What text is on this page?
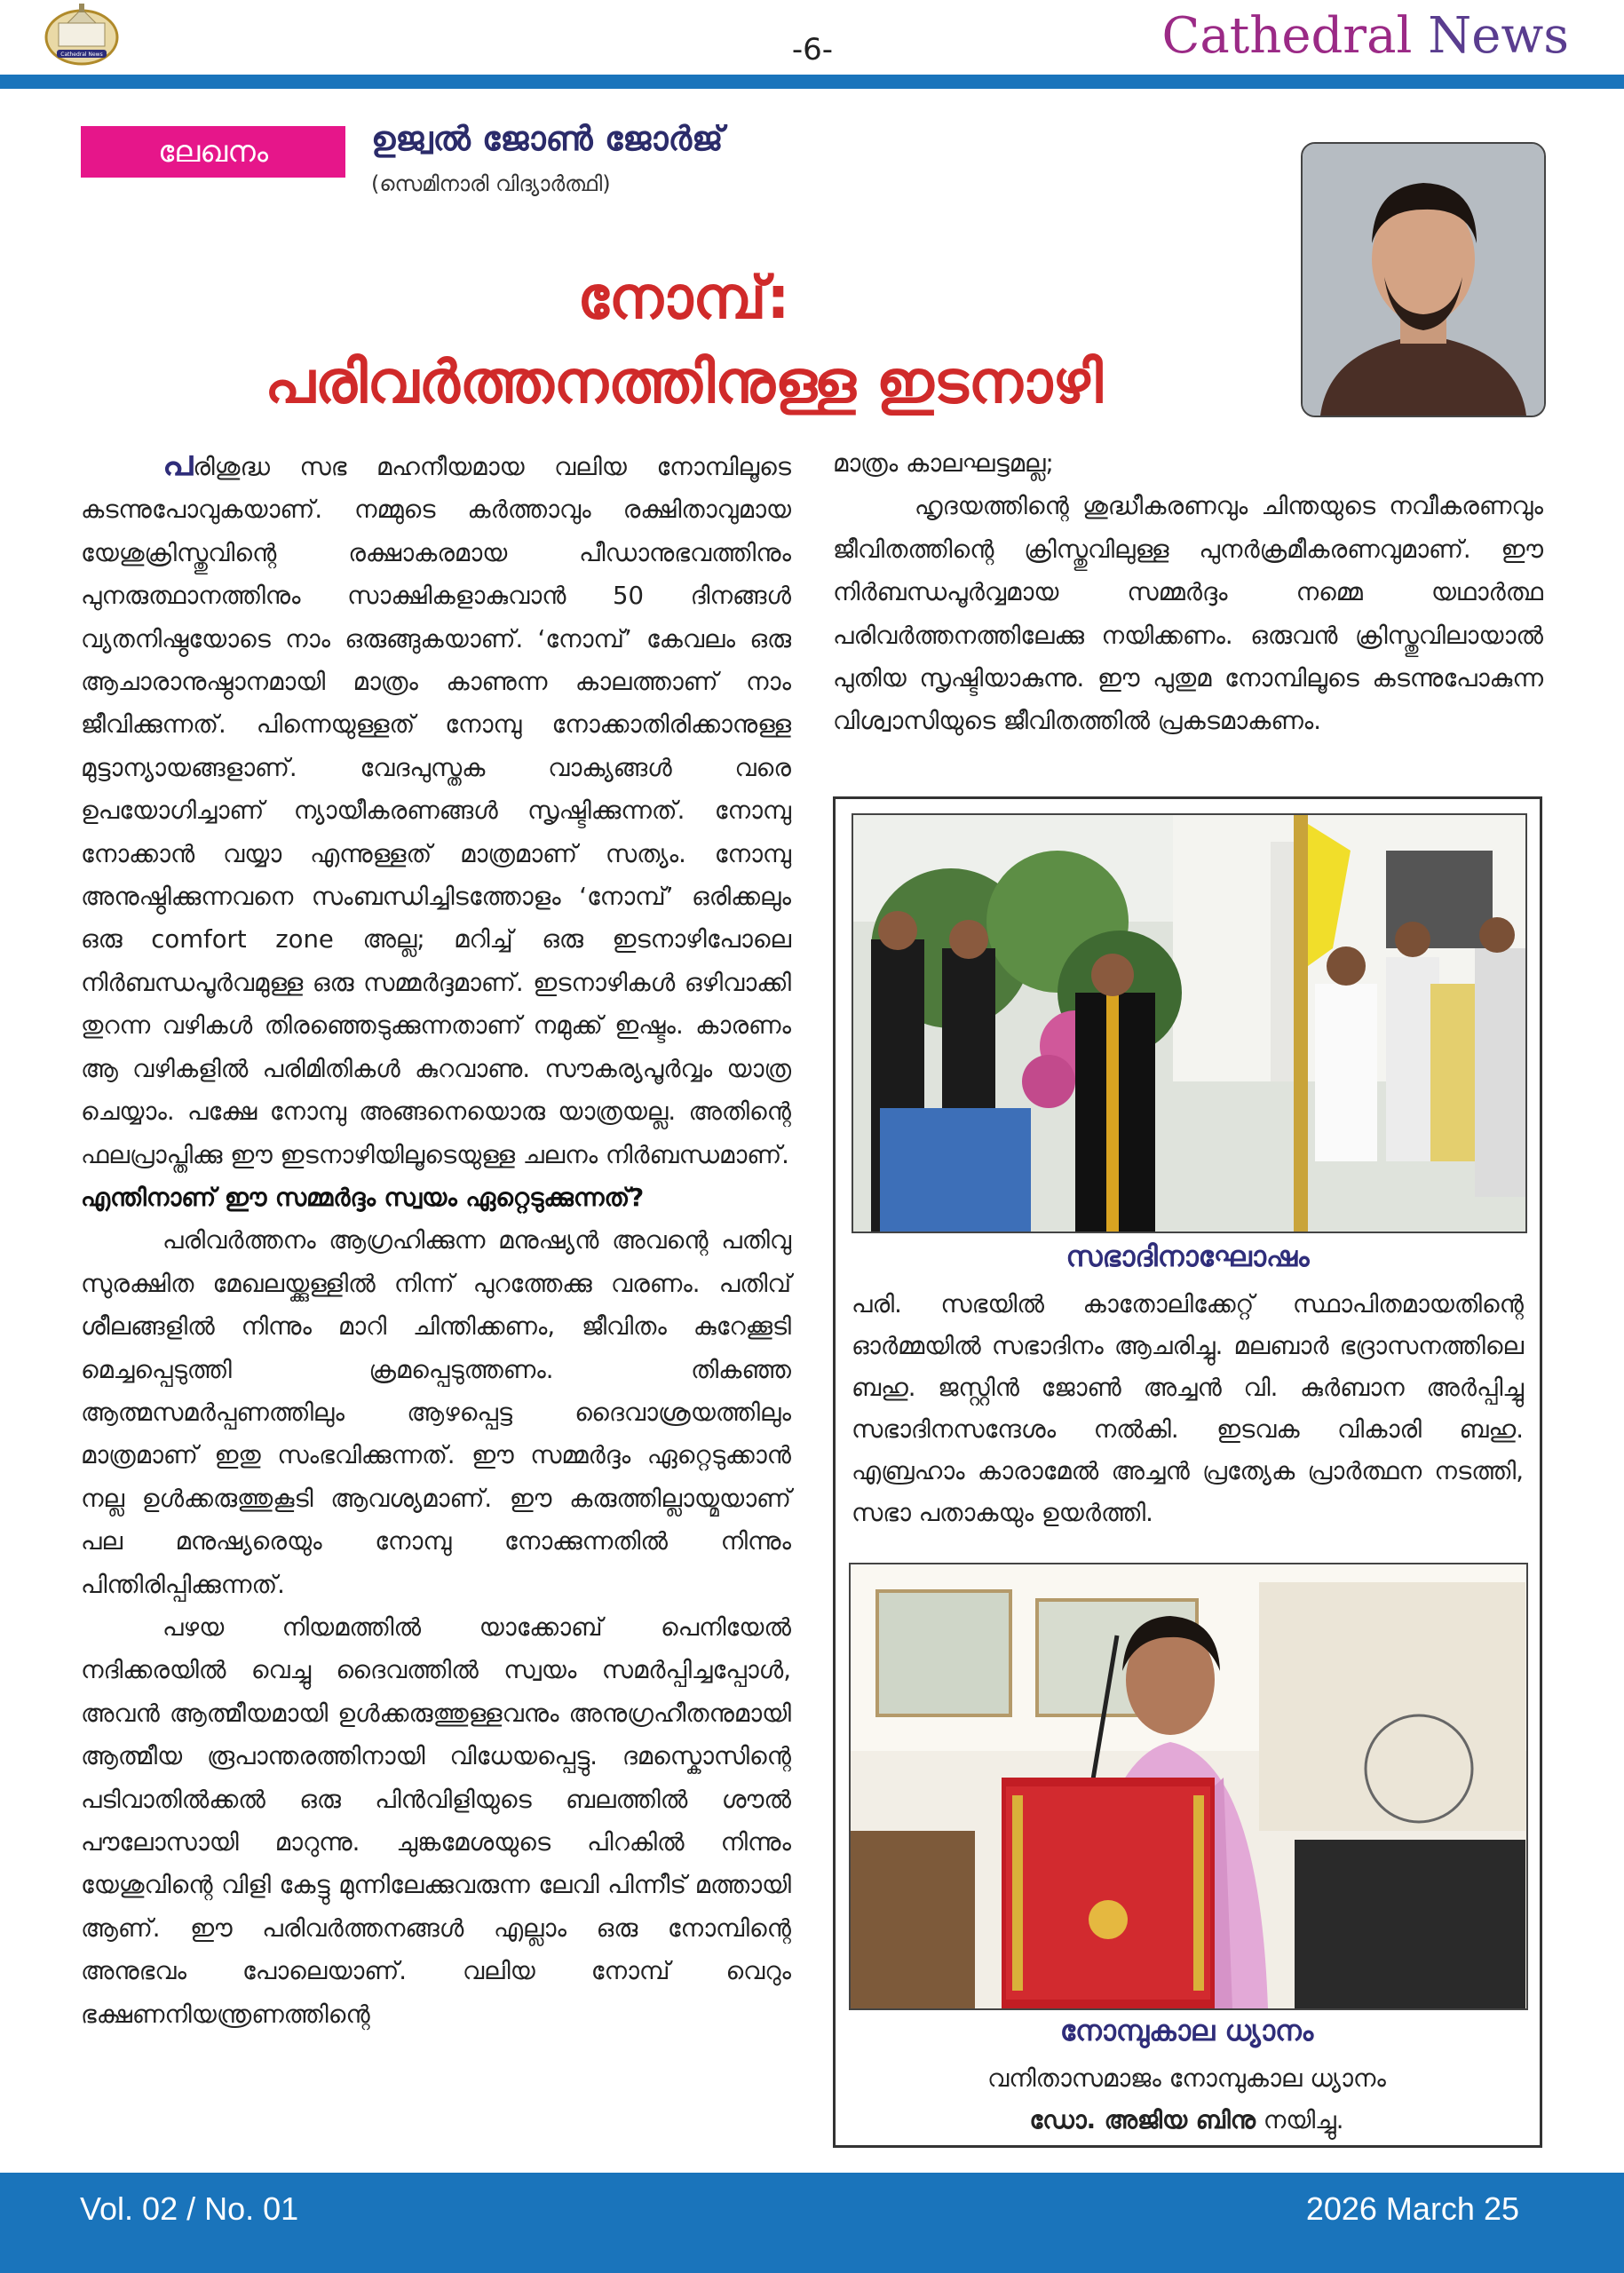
Cathedral News	-6-	Cathedral News
ലേഖനം	ഉജ്വൽ ജോൺ ജോർജ്
(സെമിനാരി വിദ്യാർത്ഥി)
നോമ്പ്:
പരിവർത്തനത്തിനുള്ള ഇടനാഴി

പരിശുദ്ധ സഭ മഹനീയമായ വലിയ നോമ്പിലൂടെ കടന്നുപോവുകയാണ്. നമ്മുടെ കർത്താവും രക്ഷിതാവുമായ യേശുക്രിസ്തുവിന്റെ രക്ഷാകരമായ പീഡാനുഭവത്തിനും പുനരുത്ഥാനത്തിനും സാക്ഷികളാകുവാൻ 50 ദിനങ്ങൾ വ്യതനിഷ്ഠയോടെ നാം ഒരുങ്ങുകയാണ്. ‘നോമ്പ്’ കേവലം ഒരു ആചാരാനുഷ്ഠാനമായി മാത്രം കാണുന്ന കാലത്താണ് നാം ജീവിക്കുന്നത്. പിന്നെയുള്ളത് നോമ്പു നോക്കാതിരിക്കാനുള്ള മുട്ടാന്യായങ്ങളാണ്. വേദപുസ്തക വാക്യങ്ങൾ വരെ ഉപയോഗിച്ചാണ് ന്യായീകരണങ്ങൾ സൃഷ്ടിക്കുന്നത്. നോമ്പു നോക്കാൻ വയ്യാ എന്നുള്ളത് മാത്രമാണ് സത്യം. നോമ്പു അനുഷ്ഠിക്കുന്നവനെ സംബന്ധിച്ചിടത്തോളം ‘നോമ്പ്’ ഒരിക്കലും ഒരു comfort zone അല്ല; മറിച്ച് ഒരു ഇടനാഴിപോലെ നിർബന്ധപൂർവമുള്ള ഒരു സമ്മർദ്ദമാണ്. ഇടനാഴികൾ ഒഴിവാക്കി തുറന്ന വഴികൾ തിരഞ്ഞെടുക്കുന്നതാണ് നമുക്ക് ഇഷ്ടം. കാരണം ആ വഴികളിൽ പരിമിതികൾ കുറവാണു. സൗകര്യപൂർവ്വം യാത്ര ചെയ്യാം. പക്ഷേ നോമ്പു അങ്ങനെയൊരു യാത്രയല്ല. അതിന്റെ ഫലപ്രാപ്തിക്കു ഈ ഇടനാഴിയിലൂടെയുള്ള ചലനം നിർബന്ധമാണ്.

എന്തിനാണ് ഈ സമ്മർദ്ദം സ്വയം ഏറ്റെടുക്കുന്നത്?

പരിവർത്തനം ആഗ്രഹിക്കുന്ന മനുഷ്യൻ അവന്റെ പതിവു സുരക്ഷിത മേഖലയ്ക്കുള്ളിൽ നിന്ന് പുറത്തേക്കു വരണം. പതിവ് ശീലങ്ങളിൽ നിന്നും മാറി ചിന്തിക്കണം, ജീവിതം കുറേക്കൂടി മെച്ചപ്പെടുത്തി ക്രമപ്പെടുത്തണം. തികഞ്ഞ ആത്മസമർപ്പണത്തിലും ആഴപ്പെട്ട ദൈവാശ്രയത്തിലും മാത്രമാണ് ഇതു സംഭവിക്കുന്നത്. ഈ സമ്മർദ്ദം ഏറ്റെടുക്കാൻ നല്ല ഉൾക്കരുത്തുകൂടി ആവശ്യമാണ്. ഈ കരുത്തില്ലായ്മയാണ് പല മനുഷ്യരെയും നോമ്പു നോക്കുന്നതിൽ നിന്നും പിന്തിരിപ്പിക്കുന്നത്.

പഴയ നിയമത്തിൽ യാക്കോബ് പെനിയേൽ നദിക്കരയിൽ വെച്ചു ദൈവത്തിൽ സ്വയം സമർപ്പിച്ചപ്പോൾ, അവൻ ആത്മീയമായി ഉൾക്കരുത്തുള്ളവനും അനുഗ്രഹീതനുമായി ആത്മീയ രൂപാന്തരത്തിനായി വിധേയപ്പെട്ടു. ദമസ്കൊസിന്റെ പടിവാതിൽക്കൽ ഒരു പിൻവിളിയുടെ ബലത്തിൽ ശൗൽ പൗലോസായി മാറുന്നു. ചുങ്കമേശയുടെ പിറകിൽ നിന്നും യേശുവിന്റെ വിളി കേട്ടു മുന്നിലേക്കുവരുന്ന ലേവി പിന്നീട് മത്തായി ആണ്. ഈ പരിവർത്തനങ്ങൾ എല്ലാം ഒരു നോമ്പിന്റെ അനുഭവം പോലെയാണ്. വലിയ നോമ്പ് വെറും ഭക്ഷണനിയന്ത്രണത്തിന്റെ

മാത്രം കാലഘട്ടമല്ല;

ഹൃദയത്തിന്റെ ശുദ്ധീകരണവും ചിന്തയുടെ നവീകരണവും ജീവിതത്തിന്റെ ക്രിസ്തുവിലുള്ള പുനർക്രമീകരണവുമാണ്. ഈ നിർബന്ധപൂർവ്വമായ സമ്മർദ്ദം നമ്മെ യഥാർത്ഥ പരിവർത്തനത്തിലേക്കു നയിക്കണം. ഒരുവൻ ക്രിസ്തുവിലായാൽ പുതിയ സൃഷ്ടിയാകുന്നു. ഈ പുതുമ നോമ്പിലൂടെ കടന്നുപോകുന്ന വിശ്വാസിയുടെ ജീവിതത്തിൽ പ്രകടമാകണം.

സഭാദിനാഘോഷം
പരി. സഭയിൽ കാതോലിക്കേറ്റ് സ്ഥാപിതമായതിന്റെ ഓർമ്മയിൽ സഭാദിനം ആചരിച്ചു. മലബാർ ഭദ്രാസനത്തിലെ ബഹു. ജസ്റ്റിൻ ജോൺ അച്ചൻ വി. കുർബാന അർപ്പിച്ചു സഭാദിനസന്ദേശം നൽകി. ഇടവക വികാരി ബഹു. എബ്രഹാം കാരാമേൽ അച്ചൻ പ്രത്യേക പ്രാർത്ഥന നടത്തി, സഭാ പതാകയും ഉയർത്തി.
നോമ്പുകാല ധ്യാനം
വനിതാസമാജം നോമ്പുകാല ധ്യാനം
ഡോ. അജിയ ബിനു നയിച്ചു.
Vol. 02 / No. 01	2026 March 25
